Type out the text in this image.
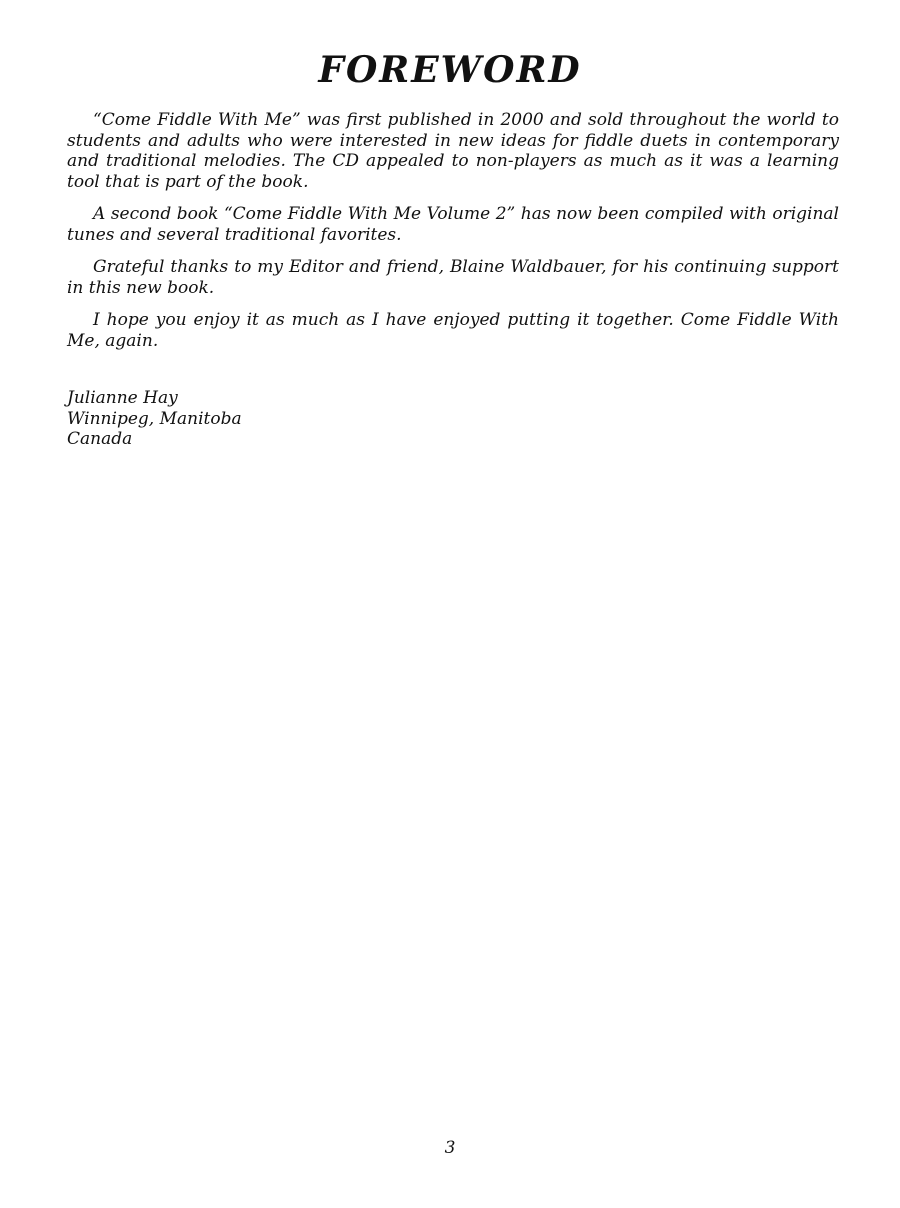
FOREWORD

“Come Fiddle With Me” was first published in 2000 and sold throughout the world to students and adults who were interested in new ideas for fiddle duets in contemporary and traditional melodies. The CD appealed to non-players as much as it was a learning tool that is part of the book.

A second book “Come Fiddle With Me Volume 2” has now been compiled with original tunes and several traditional favorites.

Grateful thanks to my Editor and friend, Blaine Waldbauer, for his continuing support in this new book.

I hope you enjoy it as much as I have enjoyed putting it together. Come Fiddle With Me, again.

Julianne Hay
Winnipeg, Manitoba
Canada
3
